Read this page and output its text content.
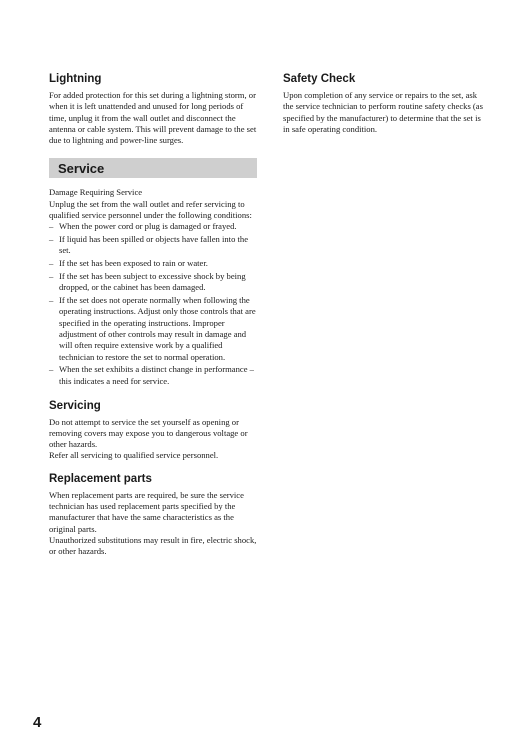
Lightning

For added protection for this set during a lightning storm, or when it is left unattended and unused for long periods of time, unplug it from the wall outlet and disconnect the antenna or cable system. This will prevent damage to the set due to lightning and power-line surges.

Service

Damage Requiring Service

Unplug the set from the wall outlet and refer servicing to qualified service personnel under the following conditions:

– When the power cord or plug is damaged or frayed.
– If liquid has been spilled or objects have fallen into the set.
– If the set has been exposed to rain or water.
– If the set has been subject to excessive shock by being dropped, or the cabinet has been damaged.
– If the set does not operate normally when following the operating instructions. Adjust only those controls that are specified in the operating instructions. Improper adjustment of other controls may result in damage and will often require extensive work by a qualified technician to restore the set to normal operation.
– When the set exhibits a distinct change in performance – this indicates a need for service.
Servicing

Do not attempt to service the set yourself as opening or removing covers may expose you to dangerous voltage or other hazards.

Refer all servicing to qualified service personnel.

Replacement parts

When replacement parts are required, be sure the service technician has used replacement parts specified by the manufacturer that have the same characteristics as the original parts.

Unauthorized substitutions may result in fire, electric shock, or other hazards.

Safety Check

Upon completion of any service or repairs to the set, ask the service technician to perform routine safety checks (as specified by the manufacturer) to determine that the set is in safe operating condition.

4
